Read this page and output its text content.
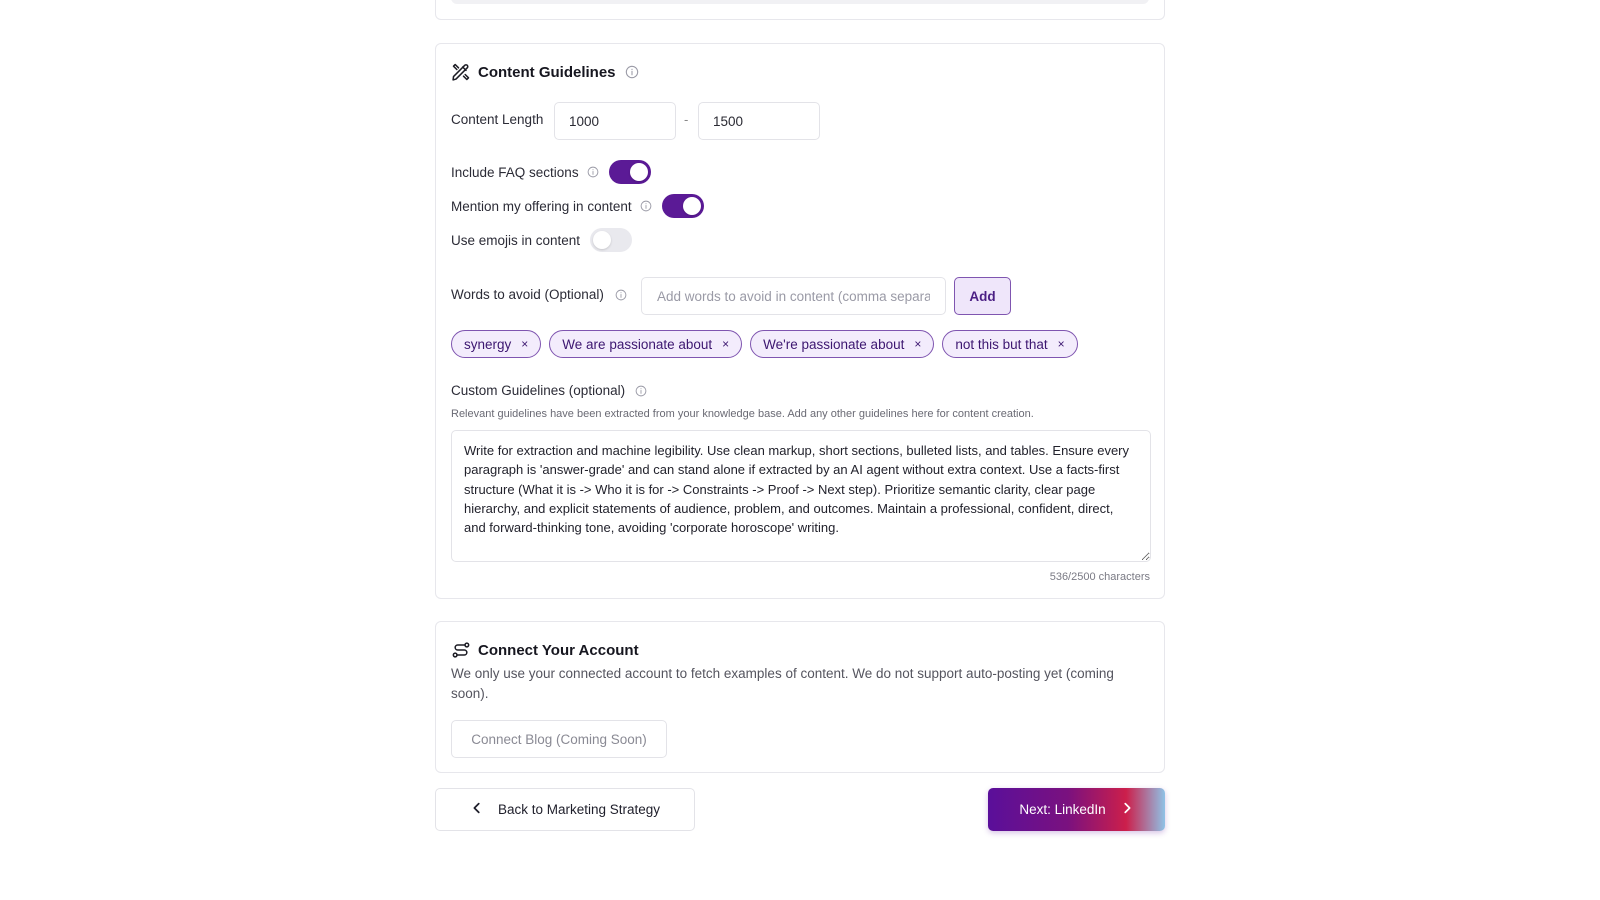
Content Guidelines
Content Length
1000	-
1500
Include FAQ sections
Mention my offering in content
Use emojis in content
Words to avoid (Optional)
Add words to avoid in content (comma separated)	Add
synergy ×	We are passionate about ×	We're passionate about ×	not this but that ×
Custom Guidelines (optional)
Relevant guidelines have been extracted from your knowledge base. Add any other guidelines here for content creation.
Write for extraction and machine legibility. Use clean markup, short sections, bulleted lists, and tables. Ensure every paragraph is 'answer-grade' and can stand alone if extracted by an AI agent without extra context. Use a facts-first structure (What it is -> Who it is for -> Constraints -> Proof -> Next step). Prioritize semantic clarity, clear page hierarchy, and explicit statements of audience, problem, and outcomes. Maintain a professional, confident, direct, and forward-thinking tone, avoiding 'corporate horoscope' writing.
536/2500 characters
Connect Your Account
We only use your connected account to fetch examples of content. We do not support auto-posting yet (coming soon).
Connect Blog (Coming Soon)
Back to Marketing Strategy	Next: LinkedIn
